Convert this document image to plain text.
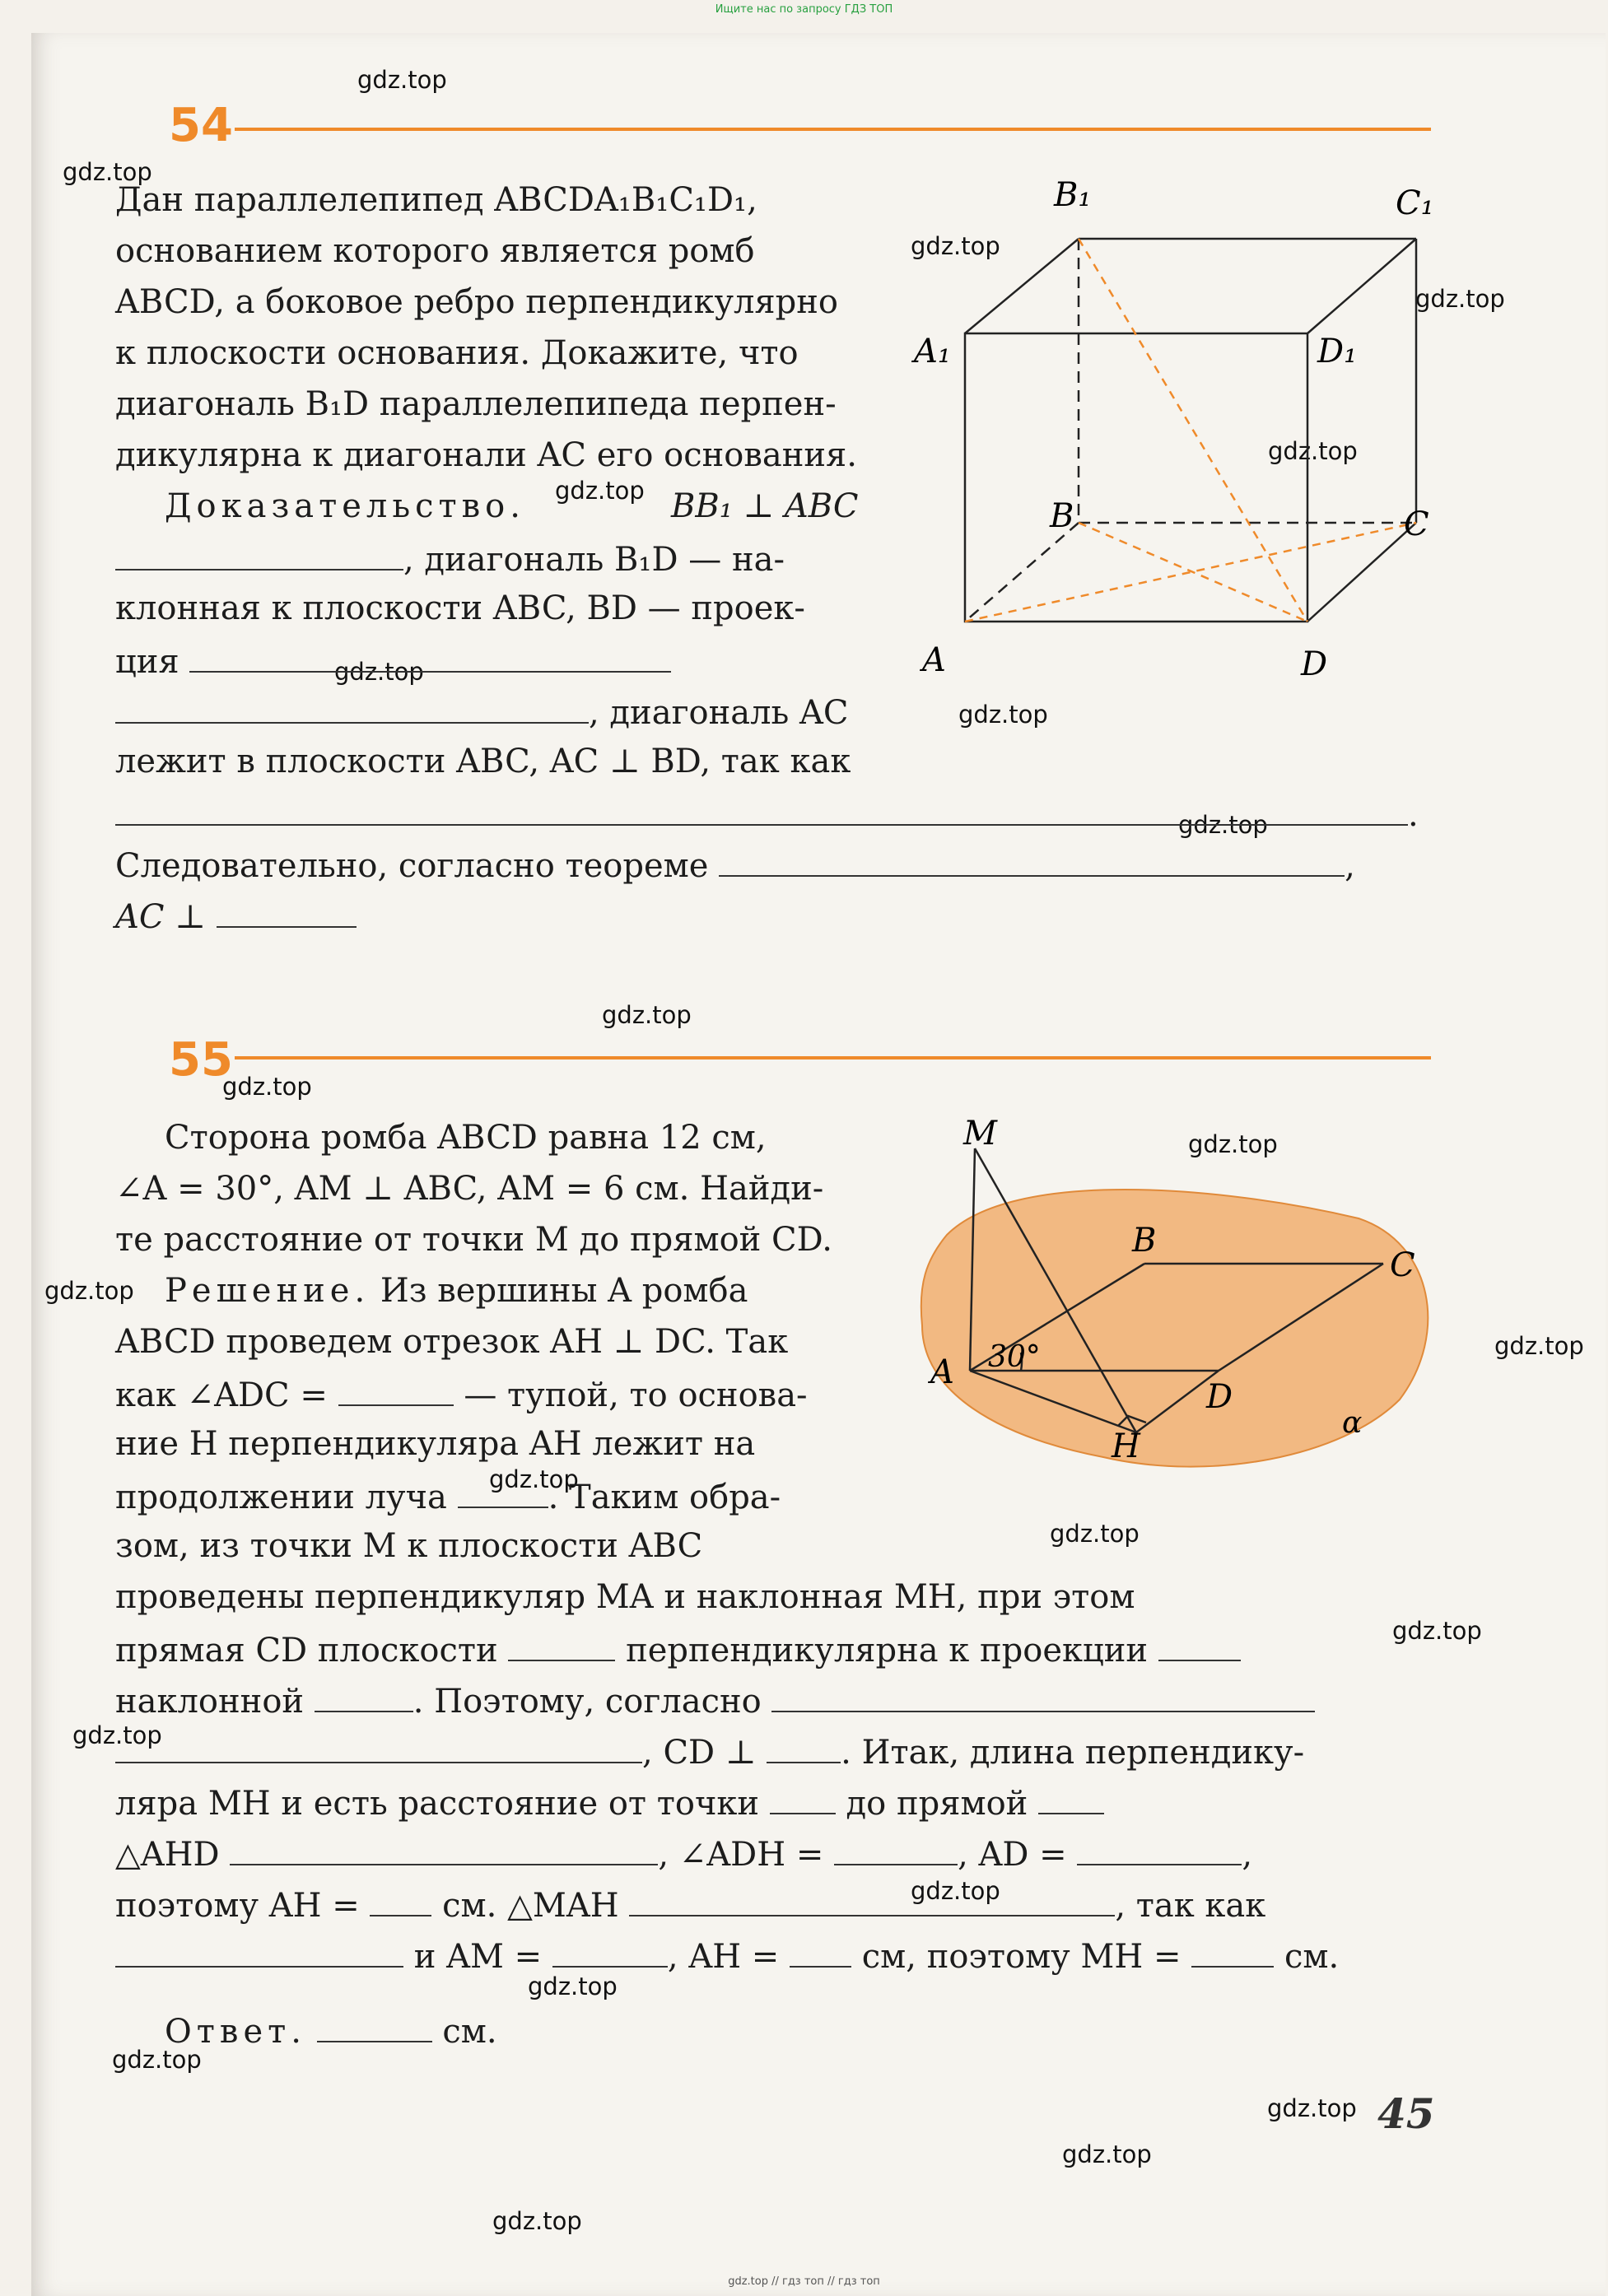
Ищите нас по запросу ГДЗ ТОП
gdz.top
gdz.top
gdz.top
gdz.top
gdz.top
gdz.top
gdz.top
gdz.top
gdz.top
gdz.top
gdz.top
gdz.top
gdz.top
gdz.top
gdz.top
gdz.top
gdz.top
gdz.top
gdz.top
gdz.top
gdz.top
gdz.top
gdz.top
gdz.top
54
Дан параллелепипед ABCDA₁B₁C₁D₁,
основанием которого является ромб
ABCD, а боковое ребро перпендикулярно
к плоскости основания. Докажите, что
диагональ B₁D параллелепипеда перпен-
дикулярна к диагонали AC его основания.
Доказательство.	BB₁ ⊥ ABC
, диагональ B₁D — на-
клонная к плоскости ABC, BD — проек-
ция
, диагональ AC
лежит в плоскости ABC, AC ⊥ BD, так как
.
Следовательно, согласно теореме	,
AC ⊥
B₁	C₁
A₁	D₁
B	C
A	D
55
M
B
C
A
D
H
30°
α
Сторона ромба ABCD равна 12 см,
∠A = 30°, AM ⊥ ABC, AM = 6 см. Найди-
те расстояние от точки M до прямой CD.
Решение. Из вершины A ромба
ABCD проведем отрезок AH ⊥ DC. Так
как ∠ADC =	— тупой, то основа-
ние H перпендикуляра AH лежит на
продолжении луча	. Таким обра-
зом, из точки M к плоскости ABC
проведены перпендикуляр MA и наклонная MH, при этом
прямая CD плоскости	перпендикулярна к проекции
наклонной	. Поэтому, согласно
, CD ⊥	. Итак, длина перпендику-
ляра MH и есть расстояние от точки	до прямой
△AHD	, ∠ADH =	, AD =	,
поэтому AH =	см. △MAH	, так как
и AM =	, AH =	см, поэтому MH =	см.
Ответ.	см.
45
gdz.top // гдз топ // гдз топ
